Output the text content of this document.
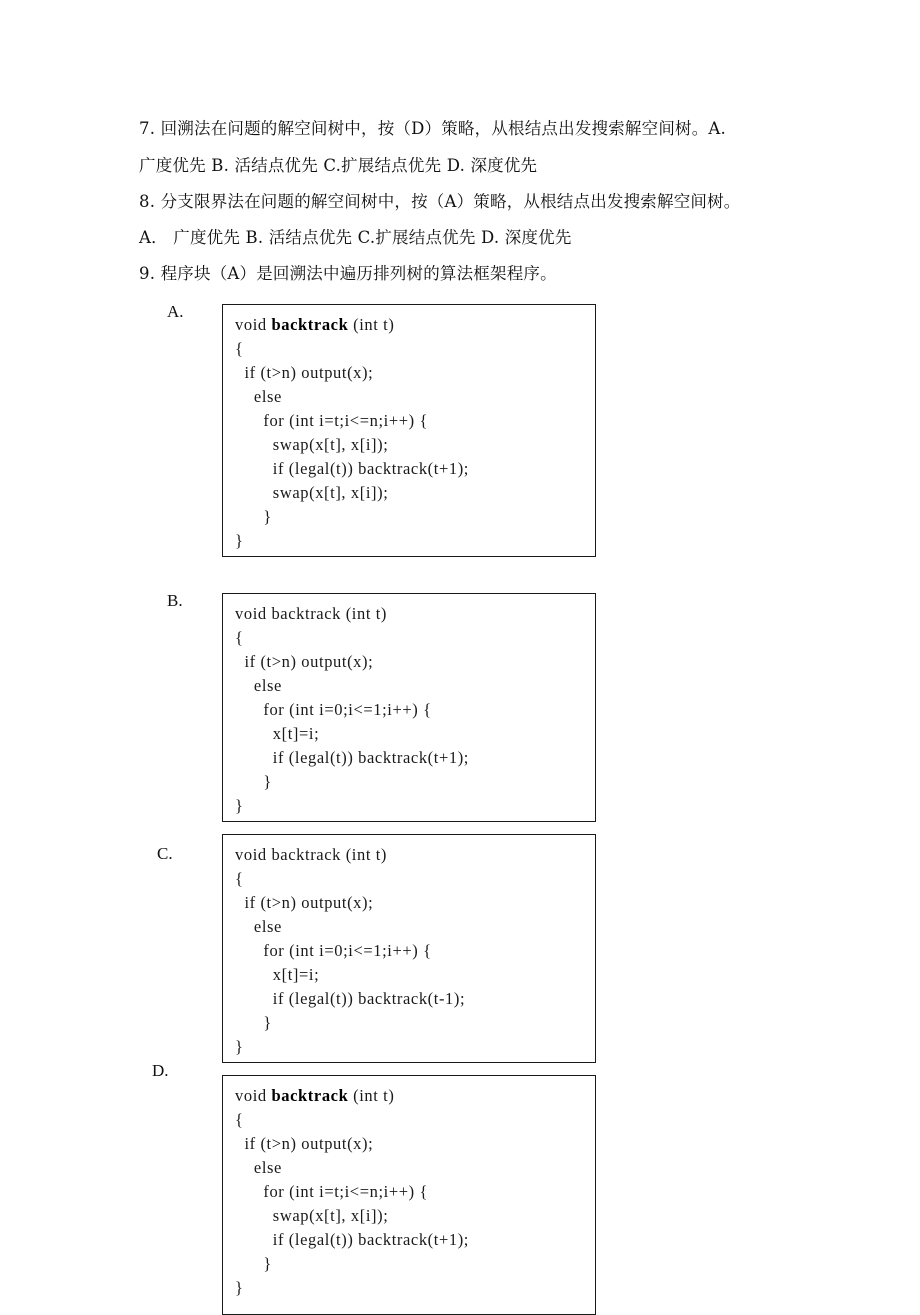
7. 回溯法在问题的解空间树中，按（D）策略，从根结点出发搜索解空间树。A.
广度优先 B. 活结点优先 C.扩展结点优先 D. 深度优先
8. 分支限界法在问题的解空间树中，按（A）策略，从根结点出发搜索解空间树。
A． 广度优先 B. 活结点优先 C.扩展结点优先 D. 深度优先
9. 程序块（A）是回溯法中遍历排列树的算法框架程序。
A.
void backtrack (int t)
{
if (t>n) output(x);
else
for (int i=t;i<=n;i++) {
swap(x[t], x[i]);
if (legal(t)) backtrack(t+1);
swap(x[t], x[i]);
}
}
B.
void backtrack (int t)
{
if (t>n) output(x);
else
for (int i=0;i<=1;i++) {
x[t]=i;
if (legal(t)) backtrack(t+1);
}
}
C.	void backtrack (int t)
{
if (t>n) output(x);
else
for (int i=0;i<=1;i++) {
x[t]=i;
if (legal(t)) backtrack(t-1);
}
}
D.
void backtrack (int t)
{
if (t>n) output(x);
else
for (int i=t;i<=n;i++) {
swap(x[t], x[i]);
if (legal(t)) backtrack(t+1);
}
}
